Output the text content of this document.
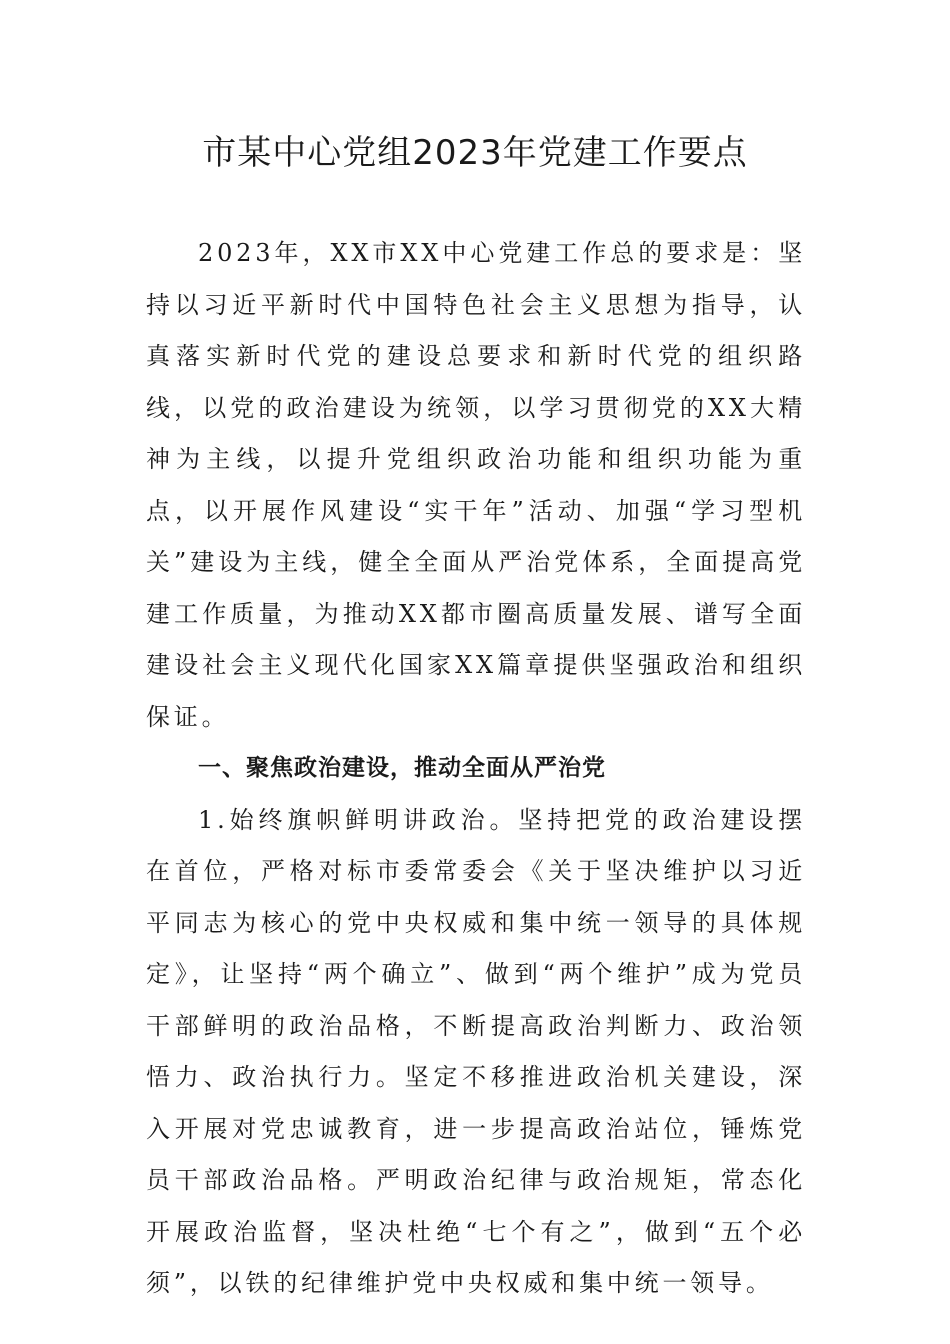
市某中心党组2023年党建工作要点

2023年，XX市XX中心党建工作总的要求是：坚持以习近平新时代中国特色社会主义思想为指导，认真落实新时代党的建设总要求和新时代党的组织路线，以党的政治建设为统领，以学习贯彻党的XX大精神为主线，以提升党组织政治功能和组织功能为重点，以开展作风建设“实干年”活动、加强“学习型机关”建设为主线，健全全面从严治党体系，全面提高党建工作质量，为推动XX都市圈高质量发展、谱写全面建设社会主义现代化国家XX篇章提供坚强政治和组织保证。

一、聚焦政治建设，推动全面从严治党

1.始终旗帜鲜明讲政治。坚持把党的政治建设摆在首位，严格对标市委常委会《关于坚决维护以习近平同志为核心的党中央权威和集中统一领导的具体规定》，让坚持“两个确立”、做到“两个维护”成为党员干部鲜明的政治品格，不断提高政治判断力、政治领悟力、政治执行力。坚定不移推进政治机关建设，深入开展对党忠诚教育，进一步提高政治站位，锤炼党员干部政治品格。严明政治纪律与政治规矩，常态化开展政治监督，坚决杜绝“七个有之”，做到“五个必须”，以铁的纪律维护党中央权威和集中统一领导。
